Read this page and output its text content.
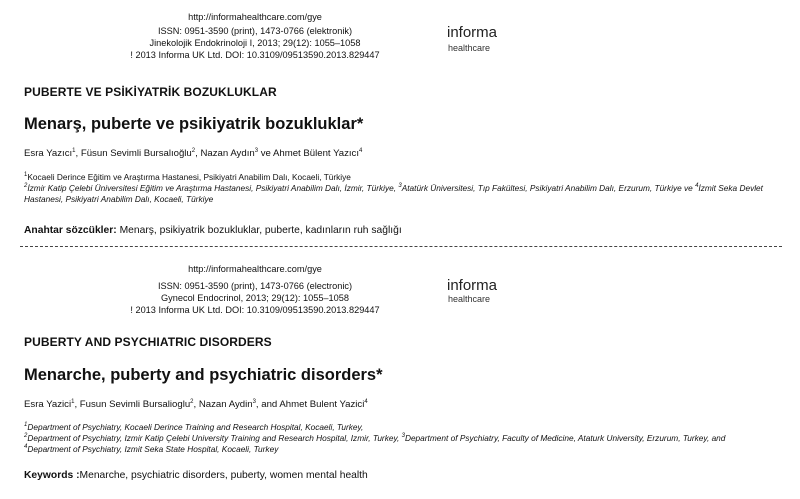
http://informahealthcare.com/gye
ISSN: 0951-3590 (print), 1473-0766 (elektronik)
Jinekolojik Endokrinoloji I, 2013; 29(12): 1055–1058
! 2013 Informa UK Ltd. DOI: 10.3109/09513590.2013.829447
informa
healthcare
PUBERTE VE PSİKİYATRİK BOZUKLUKLAR
Menarş, puberte ve psikiyatrik bozukluklar*
Esra Yazıcı$^1$, Füsun Sevimli Bursalıoğlu$^2$, Nazan Aydın$^3$ ve Ahmet Bülent Yazıcı$^4$
$^1$Kocaeli Derince Eğitim ve Araştırma Hastanesi, Psikiyatri Anabilim Dalı, Kocaeli, Türkiye
$^2$İzmir Katip Çelebi Üniversitesi Eğitim ve Araştırma Hastanesi, Psikiyatri Anabilim Dalı, İzmir, Türkiye, $^3$Atatürk Üniversitesi, Tıp Fakültesi, Psikiyatri Anabilim Dalı, Erzurum, Türkiye ve $^4$İzmit Seka Devlet Hastanesi, Psikiyatri Anabilim Dalı, Kocaeli, Türkiye
Anahtar sözcükler: Menarş, psikiyatrik bozukluklar, puberte, kadınların ruh sağlığı
http://informahealthcare.com/gye
ISSN: 0951-3590 (print), 1473-0766 (electronic)
Gynecol Endocrinol, 2013; 29(12): 1055–1058
! 2013 Informa UK Ltd. DOI: 10.3109/09513590.2013.829447
informa
healthcare
PUBERTY AND PSYCHIATRIC DISORDERS
Menarche, puberty and psychiatric disorders*
Esra Yazici$^1$, Fusun Sevimli Bursalioglu$^2$, Nazan Aydin$^3$, and Ahmet Bulent Yazici$^4$
$^1$Department of Psychiatry, Kocaeli Derince Training and Research Hospital, Kocaeli, Turkey,
$^2$Department of Psychiatry, Izmir Katip Çelebi University Training and Research Hospital, Izmir, Turkey, $^3$Department of Psychiatry, Faculty of Medicine, Ataturk University, Erzurum, Turkey, and $^4$Department of Psychiatry, Izmit Seka State Hospital, Kocaeli, Turkey
Keywords :Menarche, psychiatric disorders, puberty, women mental health
